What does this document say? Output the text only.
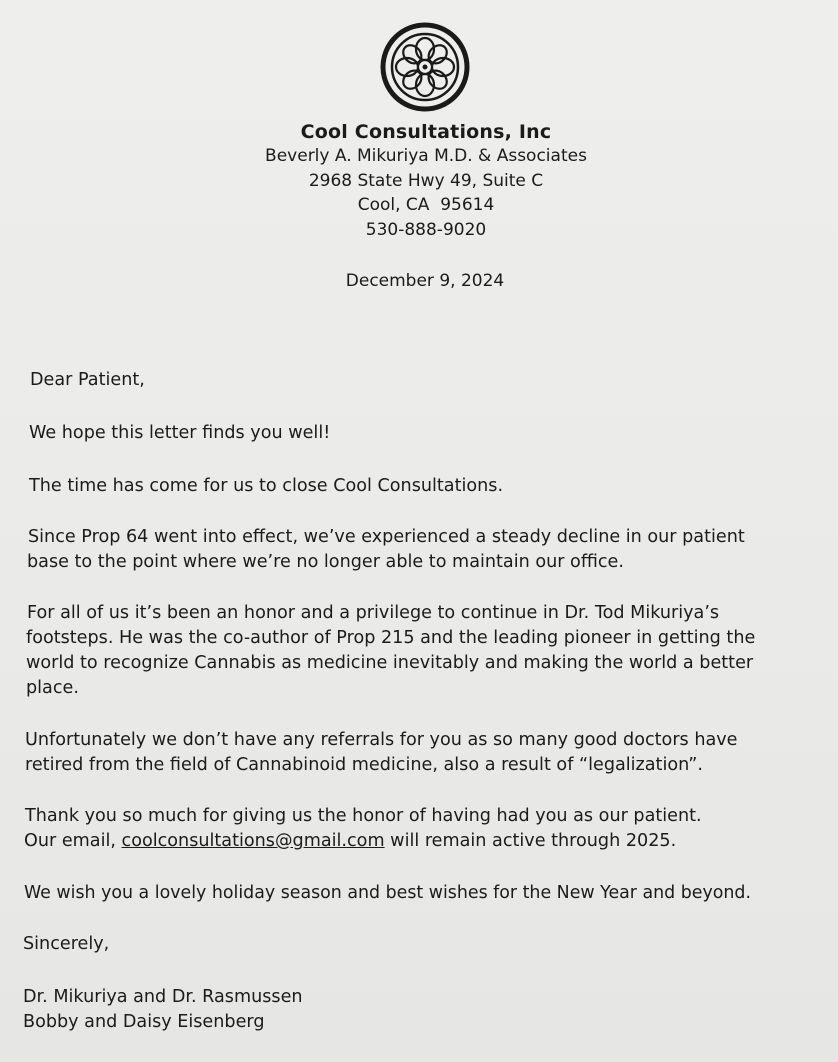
Cool Consultations, Inc
Beverly A. Mikuriya M.D. & Associates
2968 State Hwy 49, Suite C
Cool, CA  95614
530-888-9020
December 9, 2024
Dear Patient,
We hope this letter finds you well!
The time has come for us to close Cool Consultations.
Since Prop 64 went into effect, we’ve experienced a steady decline in our patient
base to the point where we’re no longer able to maintain our office.
For all of us it’s been an honor and a privilege to continue in Dr. Tod Mikuriya’s
footsteps. He was the co-author of Prop 215 and the leading pioneer in getting the
world to recognize Cannabis as medicine inevitably and making the world a better
place.
Unfortunately we don’t have any referrals for you as so many good doctors have
retired from the field of Cannabinoid medicine, also a result of “legalization”.
Thank you so much for giving us the honor of having had you as our patient.
Our email, coolconsultations@gmail.com will remain active through 2025.
We wish you a lovely holiday season and best wishes for the New Year and beyond.
Sincerely,
Dr. Mikuriya and Dr. Rasmussen
Bobby and Daisy Eisenberg
